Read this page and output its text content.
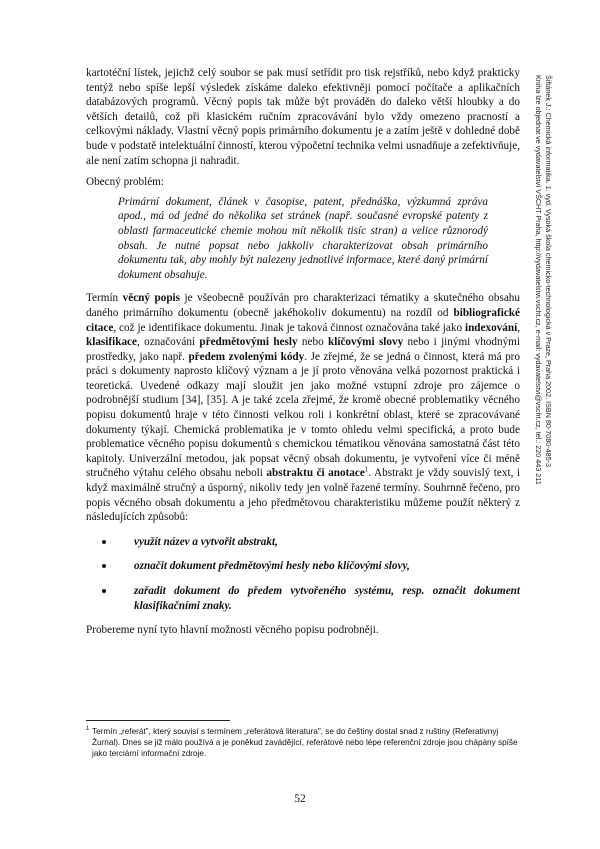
kartotéční lístek, jejichž celý soubor se pak musí setřídit pro tisk rejstříků, nebo když prakticky tentýž nebo spíše lepší výsledek získáme daleko efektivněji pomocí počítače a aplikačních databázových programů. Věcný popis tak může být prováděn do daleko větší hloubky a do větších detailů, což při klasickém ručním zpracovávání bylo vždy omezeno pracností a celkovými náklady. Vlastní věcný popis primárního dokumentu je a zatím ještě v dohledné době bude v podstatě intelektuální činností, kterou výpočetní technika velmi usnadňuje a zefektivňuje, ale není zatím schopna ji nahradit.

Obecný problém:
Primární dokument, článek v časopise, patent, přednáška, výzkumná zpráva apod., má od jedné do několika set stránek (např. současné evropské patenty z oblasti farmaceutické chemie mohou mít několik tisíc stran) a velice různorodý obsah. Je nutné popsat nebo jakkoliv charakterizovat obsah primárního dokumentu tak, aby mohly být nalezeny jednotlivé informace, které daný primární dokument obsahuje.

Termín věcný popis je všeobecně používán pro charakterizaci tématiky a skutečného obsahu daného primárního dokumentu (obecně jakéhokoliv dokumentu) na rozdíl od bibliografické citace, což je identifikace dokumentu. Jinak je taková činnost označována také jako indexování, klasifikace, označování předmětovými hesly nebo klíčovými slovy nebo i jinými vhodnými prostředky, jako např. předem zvolenými kódy. Je zřejmé, že se jedná o činnost, která má pro práci s dokumenty naprosto klíčový význam a je jí proto věnována velká pozornost praktická i teoretická. Uvedené odkazy mají sloužit jen jako možné vstupní zdroje pro zájemce o podrobnější studium [34], [35]. A je také zcela zřejmé, že kromě obecné problematiky věcného popisu dokumentů hraje v této činnosti velkou roli i konkrétní oblast, které se zpracovávané dokumenty týkají. Chemická problematika je v tomto ohledu velmi specifická, a proto bude problematice věcného popisu dokumentů s chemickou tématikou věnována samostatná část této kapitoly. Univerzální metodou, jak popsat věcný obsah dokumentu, je vytvoření více či méně stručného výtahu celého obsahu neboli abstraktu či anotace$^1$. Abstrakt je vždy souvislý text, i když maximálně stručný a úsporný, nikoliv tedy jen volně řazené termíny. Souhrnně řečeno, pro popis věcného obsah dokumentu a jeho předmětovou charakteristiku můžeme použít některý z následujících způsobů:

využít název a vytvořit abstrakt,
označit dokument předmětovými hesly nebo klíčovými slovy,
zařadit dokument do předem vytvořeného systému, resp. označit dokument klasifikačními znaky.
Probereme nyní tyto hlavní možnosti věcného popisu podrobněji.
1 Termín „referát", který souvisí s termínem „referátová literatura", se do češtiny dostal snad z ruštiny (Referativnyj Žurnal). Dnes se již málo používá a je poněkud zavádějící, referátové nebo lépe referenční zdroje jsou chápány spíše jako terciární informační zdroje.
52
Šiftánek J.: Chemická informatika. 1. vyd. Vysoká škola chemicko-technologická v Praze, Praha 2002. ISBN 80-7080-485-3
Kniha lze objednat ve vydavatelství VŠCHT Praha, http://vydavatelstvi.vscht.cz, e-mail: vydavatelstvi@vscht.cz, tel.: 220 443 211
